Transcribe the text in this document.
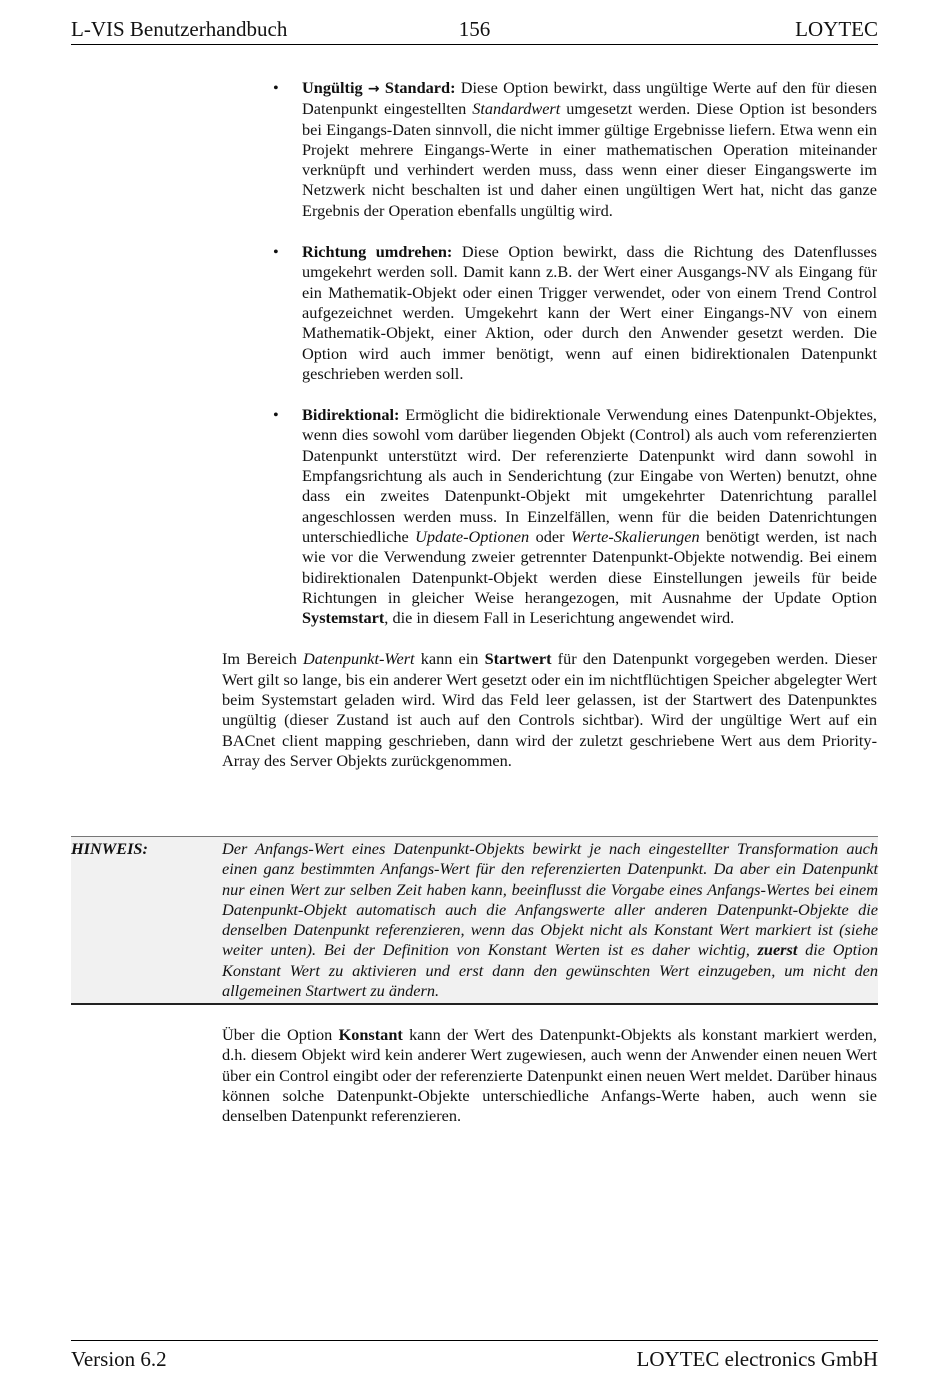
L-VIS Benutzerhandbuch	156	LOYTEC
• Ungültig → Standard: Diese Option bewirkt, dass ungültige Werte auf den für diesen Datenpunkt eingestellten Standardwert umgesetzt werden. Diese Option ist besonders bei Eingangs-Daten sinnvoll, die nicht immer gültige Ergebnisse liefern. Etwa wenn ein Projekt mehrere Eingangs-Werte in einer mathematischen Operation miteinander verknüpft und verhindert werden muss, dass wenn einer dieser Eingangswerte im Netzwerk nicht beschalten ist und daher einen ungültigen Wert hat, nicht das ganze Ergebnis der Operation ebenfalls ungültig wird.
• Richtung umdrehen: Diese Option bewirkt, dass die Richtung des Datenflusses umgekehrt werden soll. Damit kann z.B. der Wert einer Ausgangs-NV als Eingang für ein Mathematik-Objekt oder einen Trigger verwendet, oder von einem Trend Control aufgezeichnet werden. Umgekehrt kann der Wert einer Eingangs-NV von einem Mathematik-Objekt, einer Aktion, oder durch den Anwender gesetzt werden. Die Option wird auch immer benötigt, wenn auf einen bidirektionalen Datenpunkt geschrieben werden soll.
• Bidirektional: Ermöglicht die bidirektionale Verwendung eines Datenpunkt-Objektes, wenn dies sowohl vom darüber liegenden Objekt (Control) als auch vom referenzierten Datenpunkt unterstützt wird. Der referenzierte Datenpunkt wird dann sowohl in Empfangsrichtung als auch in Senderichtung (zur Eingabe von Werten) benutzt, ohne dass ein zweites Datenpunkt-Objekt mit umgekehrter Datenrichtung parallel angeschlossen werden muss. In Einzelfällen, wenn für die beiden Datenrichtungen unterschiedliche Update-Optionen oder Werte-Skalierungen benötigt werden, ist nach wie vor die Verwendung zweier getrennter Datenpunkt-Objekte notwendig. Bei einem bidirektionalen Datenpunkt-Objekt werden diese Einstellungen jeweils für beide Richtungen in gleicher Weise herangezogen, mit Ausnahme der Update Option Systemstart, die in diesem Fall in Leserichtung angewendet wird.

Im Bereich Datenpunkt-Wert kann ein Startwert für den Datenpunkt vorgegeben werden. Dieser Wert gilt so lange, bis ein anderer Wert gesetzt oder ein im nichtflüchtigen Speicher abgelegter Wert beim Systemstart geladen wird. Wird das Feld leer gelassen, ist der Startwert des Datenpunktes ungültig (dieser Zustand ist auch auf den Controls sichtbar). Wird der ungültige Wert auf ein BACnet client mapping geschrieben, dann wird der zuletzt geschriebene Wert aus dem Priority-Array des Server Objekts zurückgenommen.

HINWEIS:	Der Anfangs-Wert eines Datenpunkt-Objekts bewirkt je nach eingestellter Transformation auch einen ganz bestimmten Anfangs-Wert für den referenzierten Datenpunkt. Da aber ein Datenpunkt nur einen Wert zur selben Zeit haben kann, beeinflusst die Vorgabe eines Anfangs-Wertes bei einem Datenpunkt-Objekt automatisch auch die Anfangswerte aller anderen Datenpunkt-Objekte die denselben Datenpunkt referenzieren, wenn das Objekt nicht als Konstant Wert markiert ist (siehe weiter unten). Bei der Definition von Konstant Werten ist es daher wichtig, zuerst die Option Konstant Wert zu aktivieren und erst dann den gewünschten Wert einzugeben, um nicht den allgemeinen Startwert zu ändern.

Über die Option Konstant kann der Wert des Datenpunkt-Objekts als konstant markiert werden, d.h. diesem Objekt wird kein anderer Wert zugewiesen, auch wenn der Anwender einen neuen Wert über ein Control eingibt oder der referenzierte Datenpunkt einen neuen Wert meldet. Darüber hinaus können solche Datenpunkt-Objekte unterschiedliche Anfangs-Werte haben, auch wenn sie denselben Datenpunkt referenzieren.

Version 6.2	LOYTEC electronics GmbH
